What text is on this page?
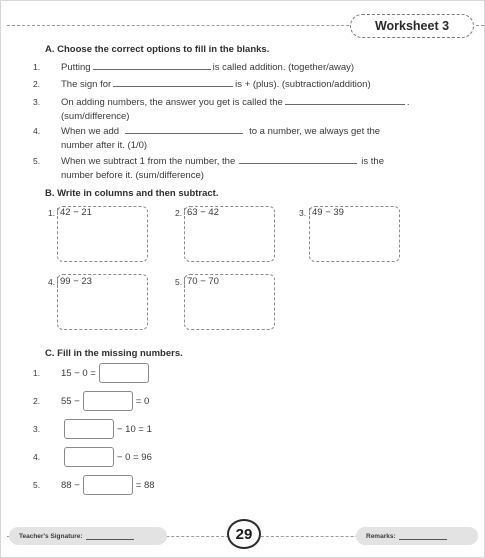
Worksheet 3
A. Choose the correct options to fill in the blanks.
1. Putting	is called addition. (together/away)
2. The sign for	is + (plus). (subtraction/addition)
3. On adding numbers, the answer you get is called the	.
(sum/difference)
4. When we add	to a number, we always get the
number after it. (1/0)
5. When we subtract 1 from the number, the	is the
number before it. (sum/difference)
B. Write in columns and then subtract.
1. 42 − 21	2. 63 − 42	3. 49 − 39
4. 99 − 23	5. 70 − 70
C. Fill in the missing numbers.
1.	15 − 0 =
2.	55 −	= 0
3.	− 10 = 1
4.	− 0 = 96
5.	88 −	= 88
Teacher's Signature:	29	Remarks:
